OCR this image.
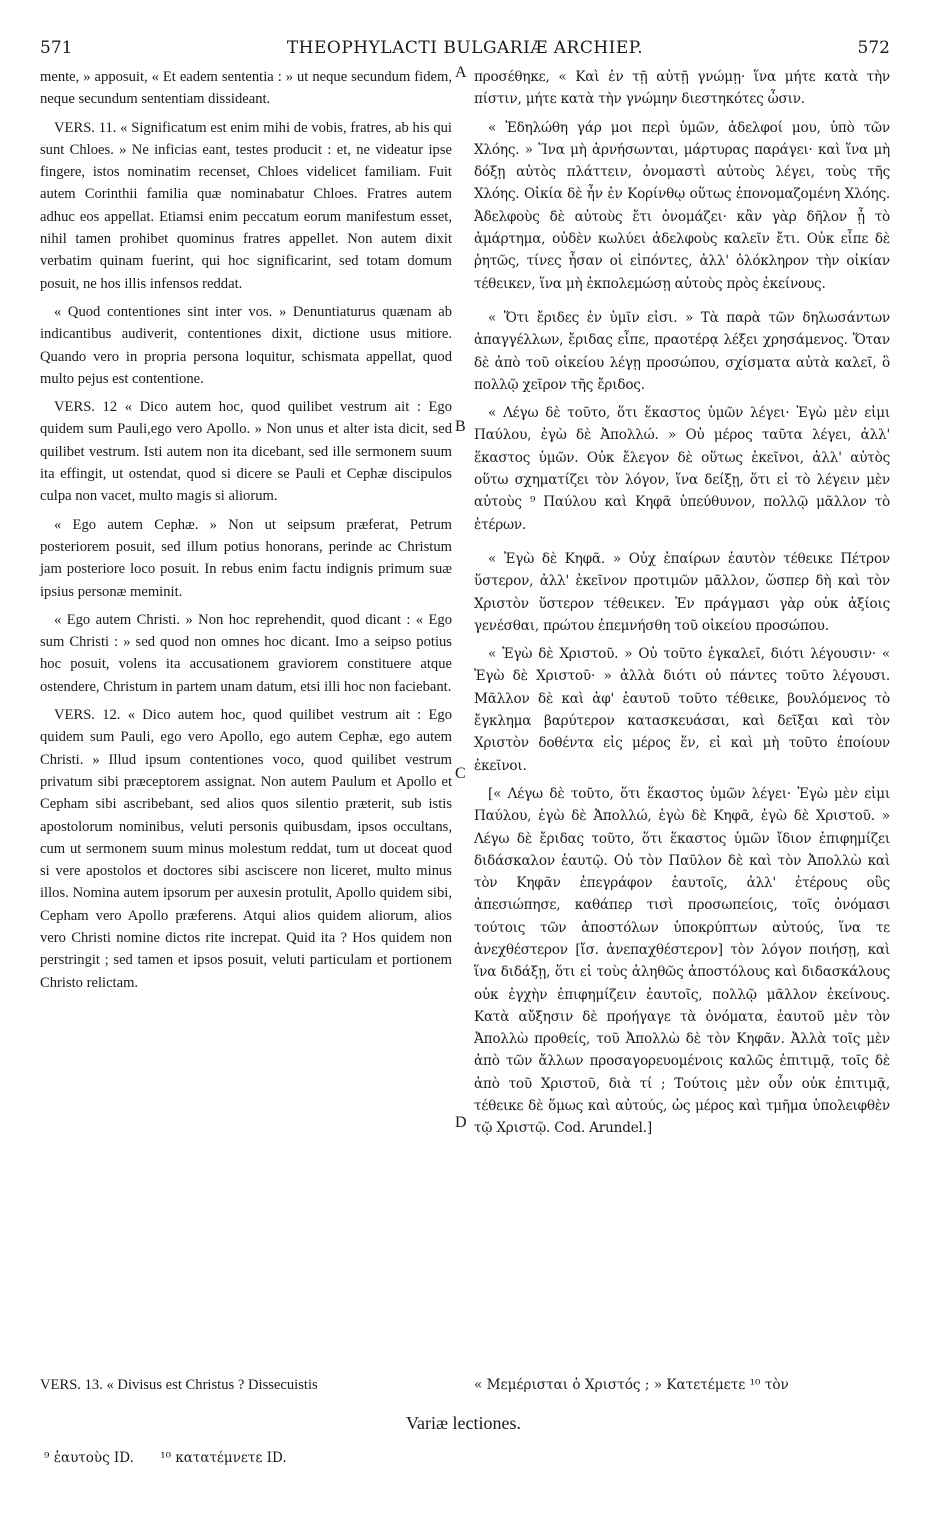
571	THEOPHYLACTI BULGARIÆ ARCHIEP.	572
A
B
C
D

mente, » apposuit, « Et eadem sententia : » ut neque secundum fidem, neque secundum sententiam dissideant.

VERS. 11. « Significatum est enim mihi de vobis, fratres, ab his qui sunt Chloes. » Ne inficias eant, testes producit : et, ne videatur ipse fingere, istos nominatim recenset, Chloes videlicet familiam. Fuit autem Corinthii familia quæ nominabatur Chloes. Fratres autem adhuc eos appellat. Etiamsi enim peccatum eorum manifestum esset, nihil tamen prohibet quominus fratres appellet. Non autem dixit verbatim quinam fuerint, qui hoc significarint, sed totam domum posuit, ne hos illis infensos reddat.

« Quod contentiones sint inter vos. » Denuntiaturus quænam ab indicantibus audiverit, contentiones dixit, dictione usus mitiore. Quando vero in propria persona loquitur, schismata appellat, quod multo pejus est contentione.

VERS. 12 « Dico autem hoc, quod quilibet vestrum ait : Ego quidem sum Pauli,ego vero Apollo. » Non unus et alter ista dicit, sed quilibet vestrum. Isti autem non ita dicebant, sed ille sermonem suum ita effingit, ut ostendat, quod si dicere se Pauli et Cephæ discipulos culpa non vacet, multo magis si aliorum.

« Ego autem Cephæ. » Non ut seipsum præferat, Petrum posteriorem posuit, sed illum potius honorans, perinde ac Christum jam posteriore loco posuit. In rebus enim factu indignis primum suæ ipsius personæ meminit.

« Ego autem Christi. » Non hoc reprehendit, quod dicant : « Ego sum Christi : » sed quod non omnes hoc dicant. Imo a seipso potius hoc posuit, volens ita accusationem graviorem constituere atque ostendere, Christum in partem unam datum, etsi illi hoc non faciebant.

VERS. 12. « Dico autem hoc, quod quilibet vestrum ait : Ego quidem sum Pauli, ego vero Apollo, ego autem Cephæ, ego autem Christi. » Illud ipsum contentiones voco, quod quilibet vestrum privatum sibi præceptorem assignat. Non autem Paulum et Apollo et Cepham sibi ascribebant, sed alios quos silentio præterit, sub istis apostolorum nominibus, veluti personis quibusdam, ipsos occultans, cum ut sermonem suum minus molestum reddat, tum ut doceat quod si vere apostolos et doctores sibi asciscere non liceret, multo minus illos. Nomina autem ipsorum per auxesin protulit, Apollo quidem sibi, Cepham vero Apollo præferens. Atqui alios quidem aliorum, alios vero Christi nomine dictos rite increpat. Quid ita ? Hos quidem non perstringit ; sed tamen et ipsos posuit, veluti particulam et portionem Christo relictam.

VERS. 13. « Divisus est Christus ? Dissecuistis

προσέθηκε, « Καὶ ἐν τῇ αὐτῇ γνώμῃ· ἵνα μήτε κατὰ τὴν πίστιν, μήτε κατὰ τὴν γνώμην διεστηκότες ὦσιν.

« Ἐδηλώθη γάρ μοι περὶ ὑμῶν, ἀδελφοί μου, ὑπὸ τῶν Χλόης. » Ἵνα μὴ ἀρνήσωνται, μάρτυρας παράγει· καὶ ἵνα μὴ δόξῃ αὐτὸς πλάττειν, ὀνομαστὶ αὐτοὺς λέγει, τοὺς τῆς Χλόης. Οἰκία δὲ ἦν ἐν Κορίνθῳ οὕτως ἐπονομαζομένη Χλόης. Ἀδελφοὺς δὲ αὐτοὺς ἔτι ὀνομάζει· κἂν γὰρ δῆλον ᾖ τὸ ἁμάρτημα, οὐδὲν κωλύει ἀδελφοὺς καλεῖν ἔτι. Οὐκ εἶπε δὲ ῥητῶς, τίνες ἦσαν οἱ εἰπόντες, ἀλλ' ὁλόκληρον τὴν οἰκίαν τέθεικεν, ἵνα μὴ ἐκπολεμώσῃ αὐτοὺς πρὸς ἐκείνους.

« Ὅτι ἔριδες ἐν ὑμῖν εἰσι. » Τὰ παρὰ τῶν δηλωσάντων ἀπαγγέλλων, ἔριδας εἶπε, πραοτέρᾳ λέξει χρησάμενος. Ὅταν δὲ ἀπὸ τοῦ οἰκείου λέγῃ προσώπου, σχίσματα αὐτὰ καλεῖ, ὃ πολλῷ χεῖρον τῆς ἔριδος.

« Λέγω δὲ τοῦτο, ὅτι ἕκαστος ὑμῶν λέγει· Ἐγὼ μὲν εἰμι Παύλου, ἐγὼ δὲ Ἀπολλώ. » Οὐ μέρος ταῦτα λέγει, ἀλλ' ἕκαστος ὑμῶν. Οὐκ ἔλεγον δὲ οὕτως ἐκεῖνοι, ἀλλ' αὐτὸς οὕτω σχηματίζει τὸν λόγον, ἵνα δείξῃ, ὅτι εἰ τὸ λέγειν μὲν αὐτοὺς ⁹ Παύλου καὶ Κηφᾶ ὑπεύθυνον, πολλῷ μᾶλλον τὸ ἑτέρων.

« Ἐγὼ δὲ Κηφᾶ. » Οὐχ ἐπαίρων ἑαυτὸν τέθεικε Πέτρον ὕστερον, ἀλλ' ἐκεῖνον προτιμῶν μᾶλλον, ὥσπερ δὴ καὶ τὸν Χριστὸν ὕστερον τέθεικεν. Ἐν πράγμασι γὰρ οὐκ ἀξίοις γενέσθαι, πρώτου ἐπεμνήσθη τοῦ οἰκείου προσώπου.

« Ἐγὼ δὲ Χριστοῦ. » Οὐ τοῦτο ἐγκαλεῖ, διότι λέγουσιν· « Ἐγὼ δὲ Χριστοῦ· » ἀλλὰ διότι οὐ πάντες τοῦτο λέγουσι. Μᾶλλον δὲ καὶ ἀφ' ἑαυτοῦ τοῦτο τέθεικε, βουλόμενος τὸ ἔγκλημα βαρύτερον κατασκευάσαι, καὶ δεῖξαι καὶ τὸν Χριστὸν δοθέντα εἰς μέρος ἕν, εἰ καὶ μὴ τοῦτο ἐποίουν ἐκεῖνοι.

[« Λέγω δὲ τοῦτο, ὅτι ἕκαστος ὑμῶν λέγει· Ἐγὼ μὲν εἰμι Παύλου, ἐγὼ δὲ Ἀπολλώ, ἐγὼ δὲ Κηφᾶ, ἐγὼ δὲ Χριστοῦ. » Λέγω δὲ ἔριδας τοῦτο, ὅτι ἕκαστος ὑμῶν ἴδιον ἐπιφημίζει διδάσκαλον ἑαυτῷ. Οὐ τὸν Παῦλον δὲ καὶ τὸν Ἀπολλὼ καὶ τὸν Κηφᾶν ἐπεγράφον ἑαυτοῖς, ἀλλ' ἑτέρους οὓς ἀπεσιώπησε, καθάπερ τισὶ προσωπείοις, τοῖς ὀνόμασι τούτοις τῶν ἀποστόλων ὑποκρύπτων αὐτούς, ἵνα τε ἀνεχθέστερον [ἴσ. ἀνεπαχθέστερον] τὸν λόγον ποιήσῃ, καὶ ἵνα διδάξῃ, ὅτι εἰ τοὺς ἀληθῶς ἀποστόλους καὶ διδασκάλους οὐκ ἐγχὴν ἐπιφημίζειν ἑαυτοῖς, πολλῷ μᾶλλον ἐκείνους. Κατὰ αὔξησιν δὲ προήγαγε τὰ ὀνόματα, ἑαυτοῦ μὲν τὸν Ἀπολλὼ προθείς, τοῦ Ἀπολλὼ δὲ τὸν Κηφᾶν. Ἀλλὰ τοῖς μὲν ἀπὸ τῶν ἄλλων προσαγορευομένοις καλῶς ἐπιτιμᾷ, τοῖς δὲ ἀπὸ τοῦ Χριστοῦ, διὰ τί ; Τούτοις μὲν οὖν οὐκ ἐπιτιμᾷ, τέθεικε δὲ ὅμως καὶ αὐτούς, ὡς μέρος καὶ τμῆμα ὑπολειφθὲν τῷ Χριστῷ. Cod. Arundel.]

« Μεμέρισται ὁ Χριστός ; » Κατετέμετε ¹⁰ τὸν
Variæ lectiones.
⁹ ἑαυτοὺς ID. ¹⁰ κατατέμνετε ID.
